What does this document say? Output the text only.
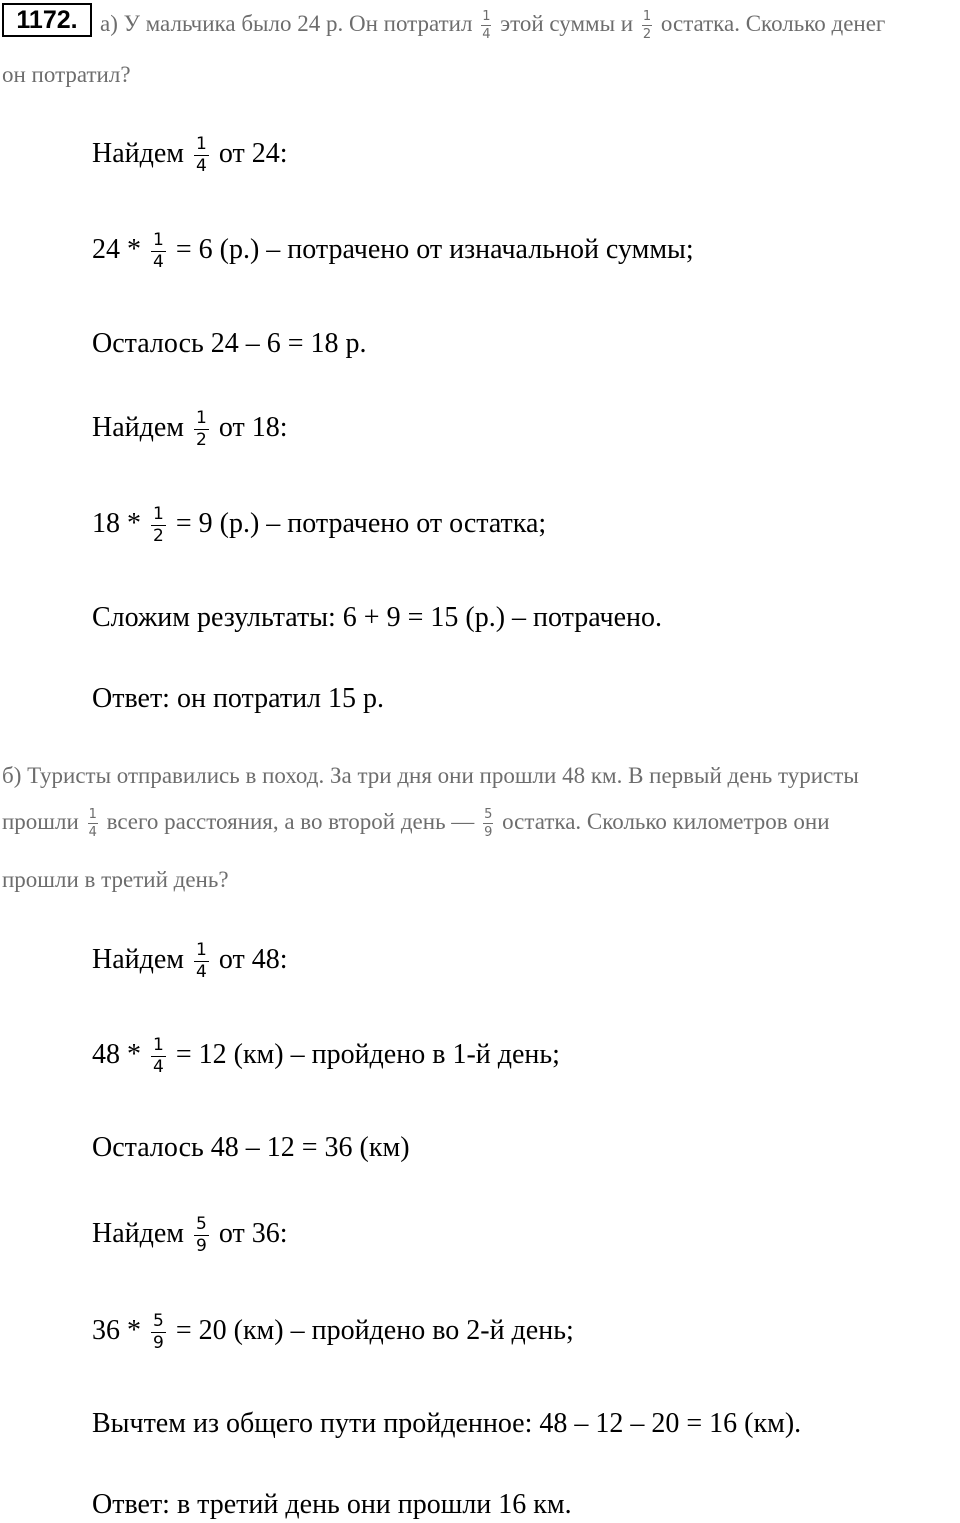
1172. а) У мальчика было 24 р. Он потратил $\frac{1}{4}$ этой суммы и $\frac{1}{2}$ остатка. Сколько денег
он потратил?
Найдем $\frac{1}{4}$ от 24:
$24 * \frac{1}{4} = 6$ (р.) – потрачено от изначальной суммы;
Осталось 24 – 6 = 18 р.
Найдем $\frac{1}{2}$ от 18:
$18 * \frac{1}{2} = 9$ (р.) – потрачено от остатка;
Сложим результаты: 6 + 9 = 15 (р.) – потрачено.
Ответ: он потратил 15 р.
б) Туристы отправились в поход. За три дня они прошли 48 км. В первый день туристы
прошли $\frac{1}{4}$ всего расстояния, а во второй день — $\frac{5}{9}$ остатка. Сколько километров они
прошли в третий день?
Найдем $\frac{1}{4}$ от 48:
$48 * \frac{1}{4} = 12$ (км) – пройдено в 1-й день;
Осталось 48 – 12 = 36 (км)
Найдем $\frac{5}{9}$ от 36:
$36 * \frac{5}{9} = 20$ (км) – пройдено во 2-й день;
Вычтем из общего пути пройденное: 48 – 12 – 20 = 16 (км).
Ответ: в третий день они прошли 16 км.
